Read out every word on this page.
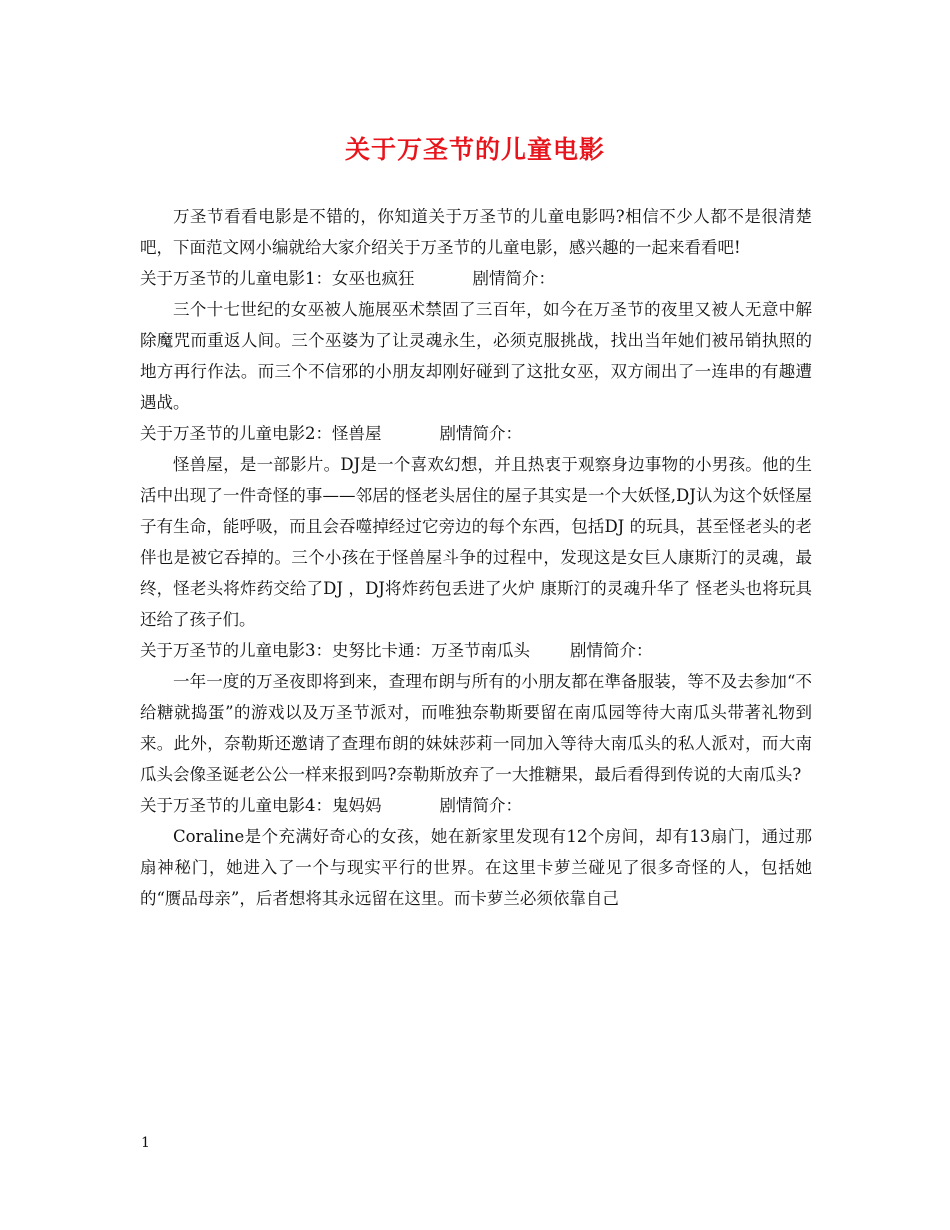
关于万圣节的儿童电影

万圣节看看电影是不错的，你知道关于万圣节的儿童电影吗?相信不少人都不是很清楚吧，下面范文网小编就给大家介绍关于万圣节的儿童电影，感兴趣的一起来看看吧!

关于万圣节的儿童电影1：女巫也疯狂	剧情简介：

三个十七世纪的女巫被人施展巫术禁固了三百年，如今在万圣节的夜里又被人无意中解除魔咒而重返人间。三个巫婆为了让灵魂永生，必须克服挑战，找出当年她们被吊销执照的地方再行作法。而三个不信邪的小朋友却刚好碰到了这批女巫，双方闹出了一连串的有趣遭遇战。

关于万圣节的儿童电影2：怪兽屋	剧情简介：

怪兽屋，是一部影片。DJ是一个喜欢幻想，并且热衷于观察身边事物的小男孩。他的生活中出现了一件奇怪的事——邻居的怪老头居住的屋子其实是一个大妖怪,DJ认为这个妖怪屋子有生命，能呼吸，而且会吞噬掉经过它旁边的每个东西，包括DJ 的玩具，甚至怪老头的老伴也是被它吞掉的。三个小孩在于怪兽屋斗争的过程中，发现这是女巨人康斯汀的灵魂，最终，怪老头将炸药交给了DJ ，DJ将炸药包丢进了火炉 康斯汀的灵魂升华了 怪老头也将玩具还给了孩子们。

关于万圣节的儿童电影3：史努比卡通：万圣节南瓜头 剧情简介：

一年一度的万圣夜即将到来，查理布朗与所有的小朋友都在準备服装，等不及去参加“不给糖就捣蛋”的游戏以及万圣节派对，而唯独奈勒斯要留在南瓜园等待大南瓜头带著礼物到来。此外，奈勒斯还邀请了查理布朗的妹妹莎莉一同加入等待大南瓜头的私人派对，而大南瓜头会像圣诞老公公一样来报到吗?奈勒斯放弃了一大推糖果，最后看得到传说的大南瓜头?

关于万圣节的儿童电影4：鬼妈妈	剧情简介：

Coraline是个充满好奇心的女孩，她在新家里发现有12个房间，却有13扇门，通过那扇神秘门，她进入了一个与现实平行的世界。在这里卡萝兰碰见了很多奇怪的人，包括她的“赝品母亲”，后者想将其永远留在这里。而卡萝兰必须依靠自己

1
